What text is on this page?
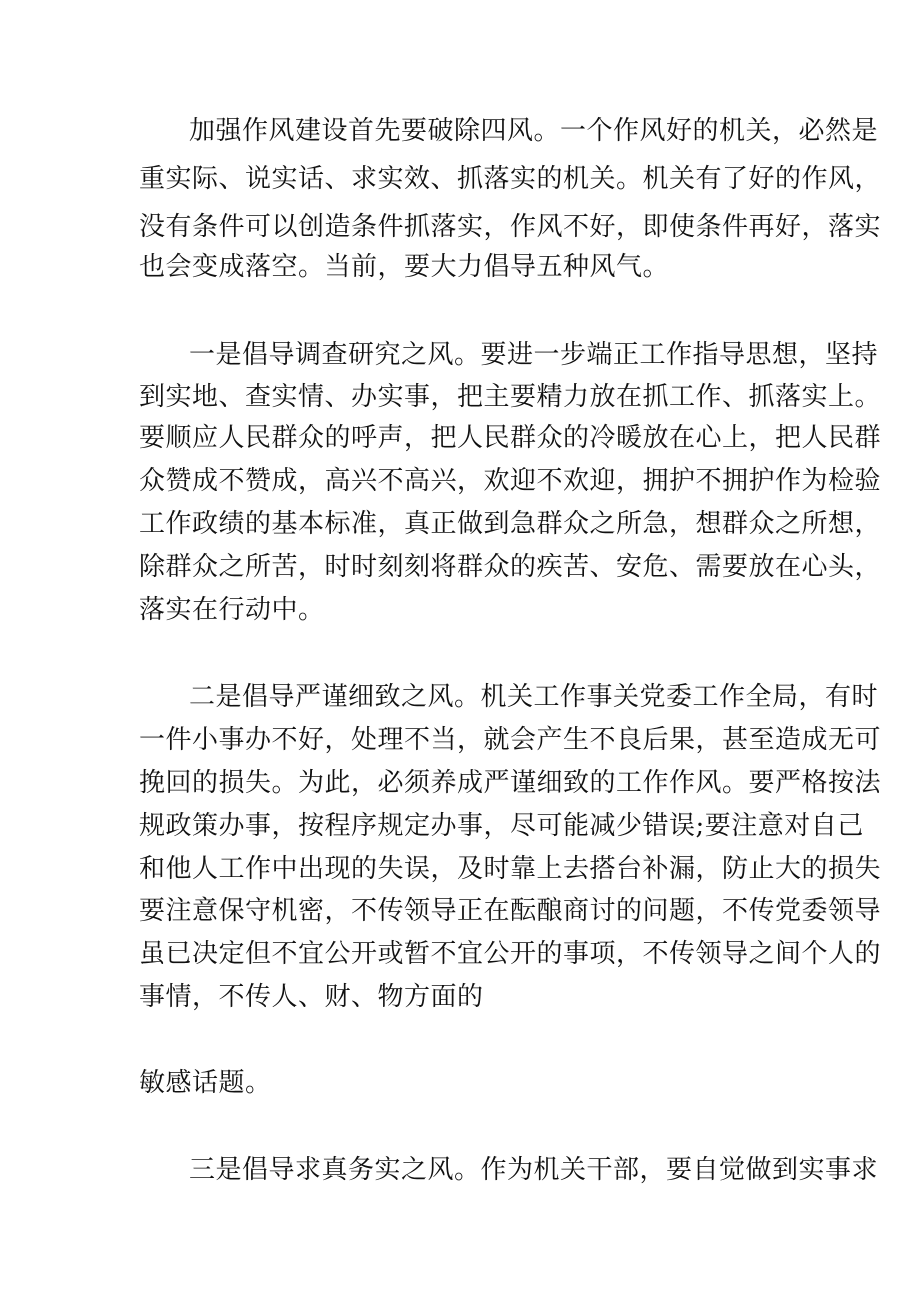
加强作风建设首先要破除四风。一个作风好的机关，必然是
重实际、说实话、求实效、抓落实的机关。机关有了好的作风，
没有条件可以创造条件抓落实，作风不好，即使条件再好，落实
也会变成落空。当前，要大力倡导五种风气。
一是倡导调查研究之风。要进一步端正工作指导思想，坚持
到实地、查实情、办实事，把主要精力放在抓工作、抓落实上。
要顺应人民群众的呼声，把人民群众的冷暖放在心上，把人民群
众赞成不赞成，高兴不高兴，欢迎不欢迎，拥护不拥护作为检验
工作政绩的基本标准，真正做到急群众之所急，想群众之所想，
除群众之所苦，时时刻刻将群众的疾苦、安危、需要放在心头，
落实在行动中。
二是倡导严谨细致之风。机关工作事关党委工作全局，有时
一件小事办不好，处理不当，就会产生不良后果，甚至造成无可
挽回的损失。为此，必须养成严谨细致的工作作风。要严格按法
规政策办事，按程序规定办事，尽可能减少错误;要注意对自己
和他人工作中出现的失误，及时靠上去搭台补漏，防止大的损失
要注意保守机密，不传领导正在酝酿商讨的问题，不传党委领导
虽已决定但不宜公开或暂不宜公开的事项，不传领导之间个人的
事情，不传人、财、物方面的
敏感话题。
三是倡导求真务实之风。作为机关干部，要自觉做到实事求
